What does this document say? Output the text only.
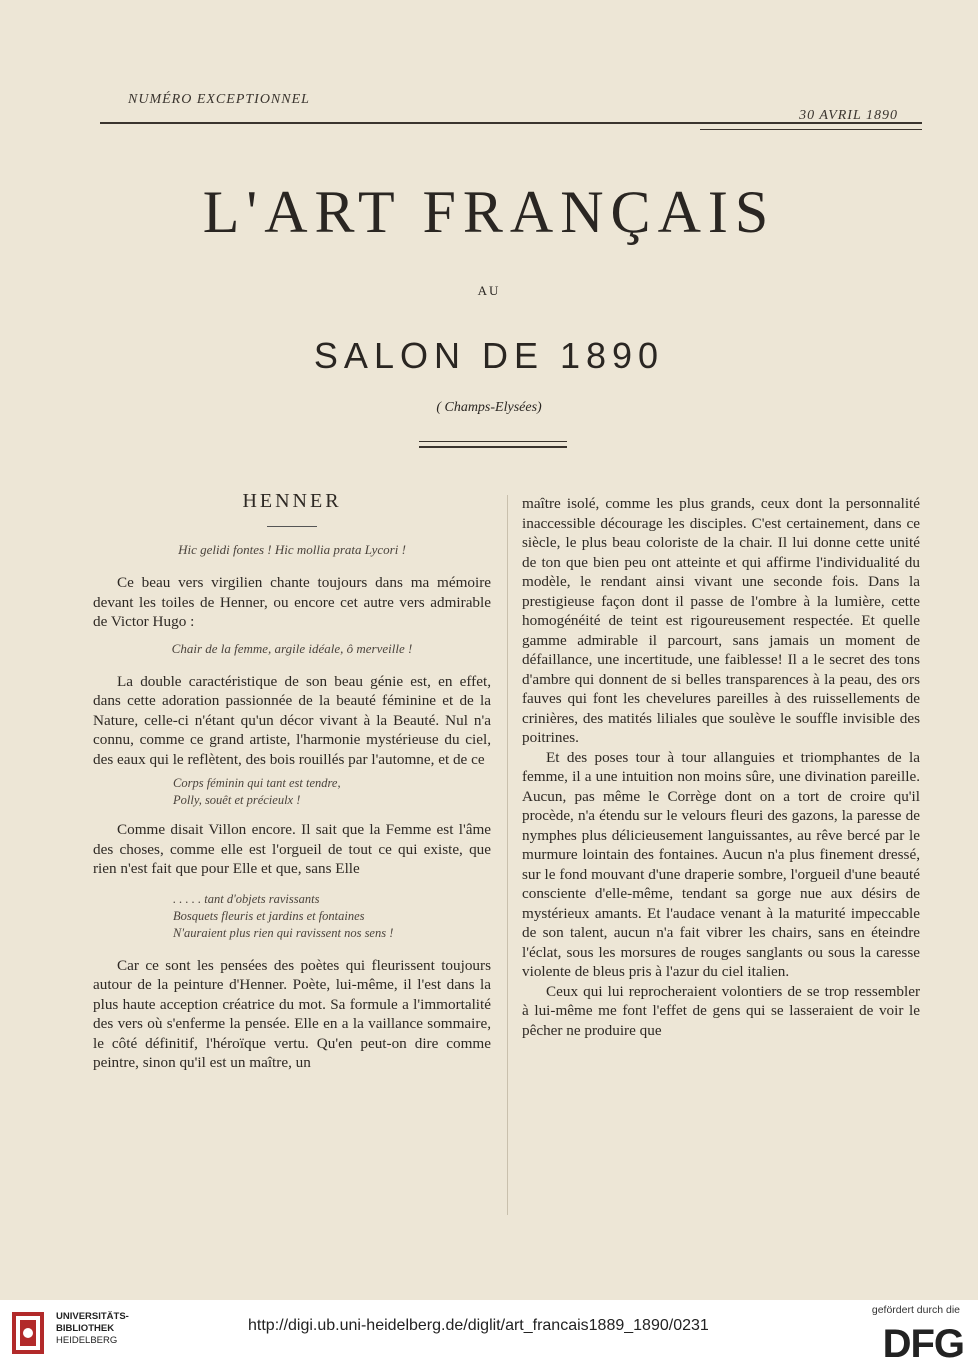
NUMÉRO EXCEPTIONNEL
30 AVRIL 1890
L'ART FRANÇAIS
AU
SALON DE 1890
( Champs-Elysées)
HENNER
Hic gelidi fontes ! Hic mollia prata Lycori !

Ce beau vers virgilien chante toujours dans ma mémoire devant les toiles de Henner, ou encore cet autre vers admirable de Victor Hugo :

Chair de la femme, argile idéale, ô merveille !

La double caractéristique de son beau génie est, en effet, dans cette adoration passionnée de la beauté féminine et de la Nature, celle-ci n'étant qu'un décor vivant à la Beauté. Nul n'a connu, comme ce grand artiste, l'harmonie mystérieuse du ciel, des eaux qui le reflètent, des bois rouillés par l'automne, et de ce

Corps féminin qui tant est tendre,
Polly, souêt et précieulx !

Comme disait Villon encore. Il sait que la Femme est l'âme des choses, comme elle est l'orgueil de tout ce qui existe, que rien n'est fait que pour Elle et que, sans Elle

. . . . . tant d'objets ravissants
Bosquets fleuris et jardins et fontaines
N'auraient plus rien qui ravissent nos sens !

Car ce sont les pensées des poètes qui fleurissent toujours autour de la peinture d'Henner. Poète, lui-même, il l'est dans la plus haute acception créatrice du mot. Sa formule a l'immortalité des vers où s'enferme la pensée. Elle en a la vaillance sommaire, le côté définitif, l'héroïque vertu. Qu'en peut-on dire comme peintre, sinon qu'il est un maître, un

maître isolé, comme les plus grands, ceux dont la personnalité inaccessible décourage les disciples. C'est certainement, dans ce siècle, le plus beau coloriste de la chair. Il lui donne cette unité de ton que bien peu ont atteinte et qui affirme l'individualité du modèle, le rendant ainsi vivant une seconde fois. Dans la prestigieuse façon dont il passe de l'ombre à la lumière, cette homogénéité de teint est rigoureusement respectée. Et quelle gamme admirable il parcourt, sans jamais un moment de défaillance, une incertitude, une faiblesse! Il a le secret des tons d'ambre qui donnent de si belles transparences à la peau, des ors fauves qui font les chevelures pareilles à des ruissellements de crinières, des matités liliales que soulève le souffle invisible des poitrines.

Et des poses tour à tour allanguies et triomphantes de la femme, il a une intuition non moins sûre, une divination pareille. Aucun, pas même le Corrège dont on a tort de croire qu'il procède, n'a étendu sur le velours fleuri des gazons, la paresse de nymphes plus délicieusement languissantes, au rêve bercé par le murmure lointain des fontaines. Aucun n'a plus finement dressé, sur le fond mouvant d'une draperie sombre, l'orgueil d'une beauté consciente d'elle-même, tendant sa gorge nue aux désirs de mystérieux amants. Et l'audace venant à la maturité impeccable de son talent, aucun n'a fait vibrer les chairs, sans en éteindre l'éclat, sous les morsures de rouges sanglants ou sous la caresse violente de bleus pris à l'azur du ciel italien.

Ceux qui lui reprocheraient volontiers de se trop ressembler à lui-même me font l'effet de gens qui se lasseraient de voir le pêcher ne produire que

UNIVERSITÄTS-
BIBLIOTHEK
HEIDELBERG
http://digi.ub.uni-heidelberg.de/diglit/art_francais1889_1890/0231
gefördert durch die
DFG
